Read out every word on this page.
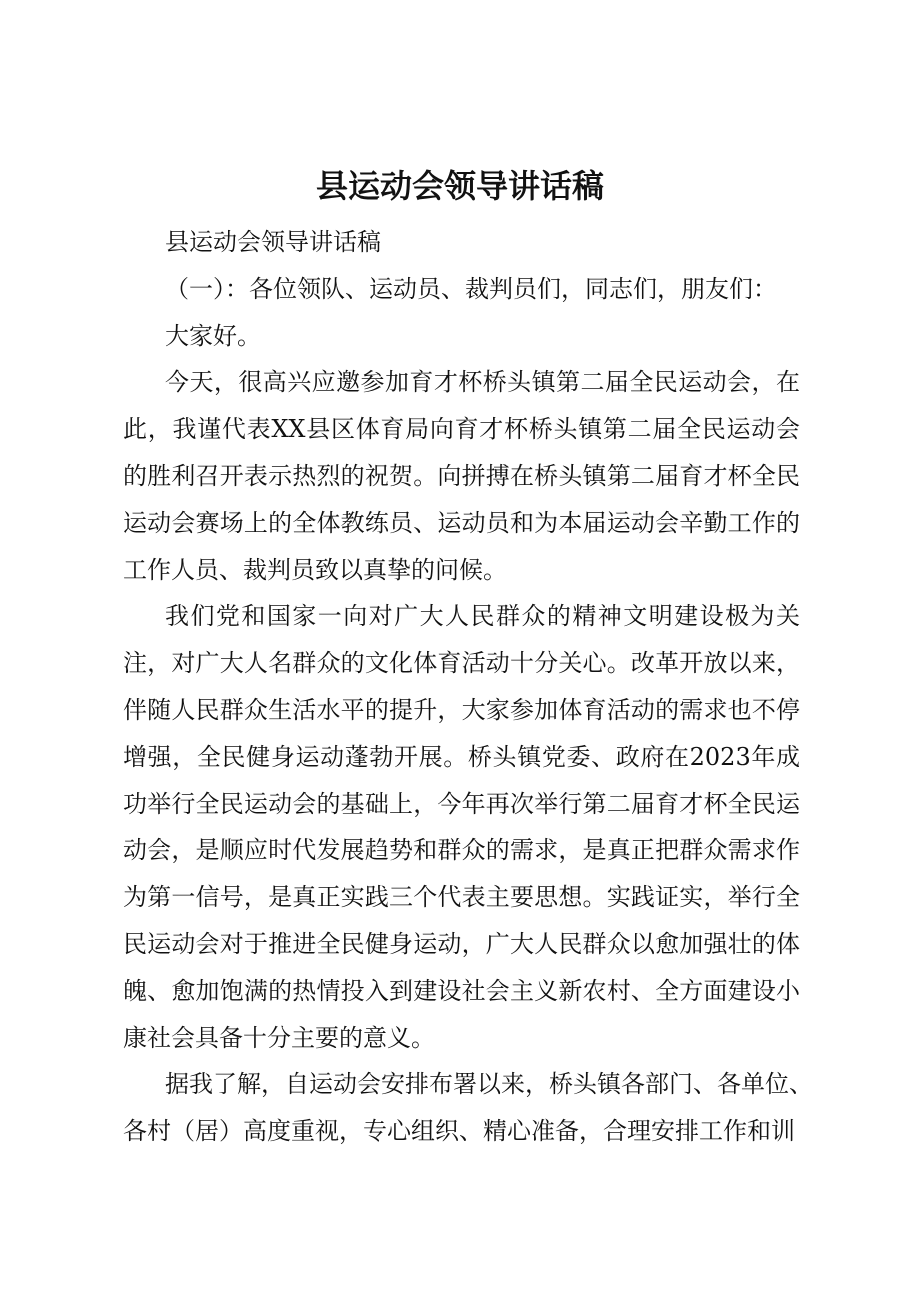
县运动会领导讲话稿
县运动会领导讲话稿
（一）：各位领队、运动员、裁判员们，同志们，朋友们：
大家好。
今天，很高兴应邀参加育才杯桥头镇第二届全民运动会，在
此，我谨代表XX县区体育局向育才杯桥头镇第二届全民运动会
的胜利召开表示热烈的祝贺。向拼搏在桥头镇第二届育才杯全民
运动会赛场上的全体教练员、运动员和为本届运动会辛勤工作的
工作人员、裁判员致以真挚的问候。
我们党和国家一向对广大人民群众的精神文明建设极为关
注，对广大人名群众的文化体育活动十分关心。改革开放以来，
伴随人民群众生活水平的提升，大家参加体育活动的需求也不停
增强，全民健身运动蓬勃开展。桥头镇党委、政府在2023年成
功举行全民运动会的基础上，今年再次举行第二届育才杯全民运
动会，是顺应时代发展趋势和群众的需求，是真正把群众需求作
为第一信号，是真正实践三个代表主要思想。实践证实，举行全
民运动会对于推进全民健身运动，广大人民群众以愈加强壮的体
魄、愈加饱满的热情投入到建设社会主义新农村、全方面建设小
康社会具备十分主要的意义。
据我了解，自运动会安排布署以来，桥头镇各部门、各单位、
各村（居）高度重视，专心组织、精心准备，合理安排工作和训
